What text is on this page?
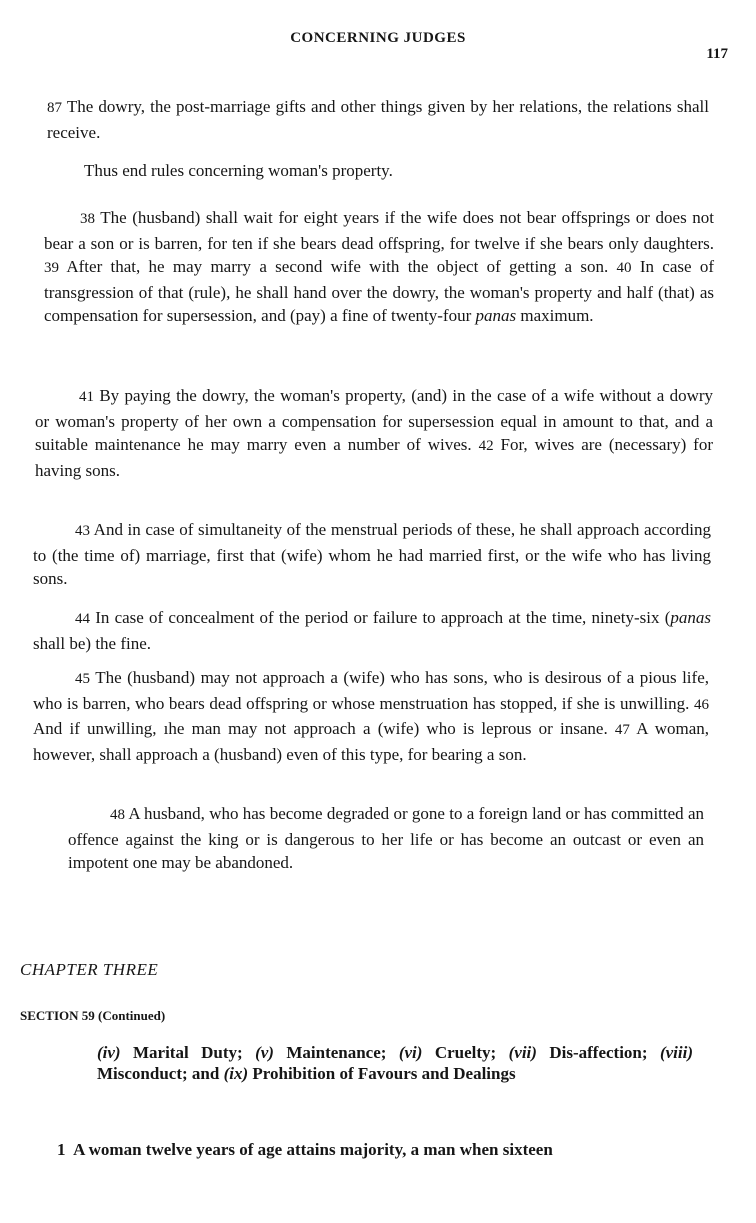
CONCERNING JUDGES
117

87 The dowry, the post-marriage gifts and other things given by her relations, the relations shall receive.

Thus end rules concerning woman's property.

38 The (husband) shall wait for eight years if the wife does not bear offsprings or does not bear a son or is barren, for ten if she bears dead offspring, for twelve if she bears only daughters. 39 After that, he may marry a second wife with the object of getting a son. 40 In case of transgression of that (rule), he shall hand over the dowry, the woman's property and half (that) as compensation for supersession, and (pay) a fine of twenty-four panas maximum.

41 By paying the dowry, the woman's property, (and) in the case of a wife without a dowry or woman's property of her own a compensation for supersession equal in amount to that, and a suitable maintenance he may marry even a number of wives. 42 For, wives are (necessary) for having sons.

43 And in case of simultaneity of the menstrual periods of these, he shall approach according to (the time of) marriage, first that (wife) whom he had married first, or the wife who has living sons.

44 In case of concealment of the period or failure to approach at the time, ninety-six (panas shall be) the fine.

45 The (husband) may not approach a (wife) who has sons, who is desirous of a pious life, who is barren, who bears dead offspring or whose menstruation has stopped, if she is unwilling. 46 And if unwilling, ıhe man may not approach a (wife) who is leprous or insane. 47 A woman, however, shall approach a (husband) even of this type, for bearing a son.

48 A husband, who has become degraded or gone to a foreign land or has committed an offence against the king or is dangerous to her life or has become an outcast or even an impotent one may be abandoned.

CHAPTER THREE

SECTION 59 (Continued)

(iv) Marital Duty; (v) Maintenance; (vi) Cruelty; (vii) Dis-affection; (viii) Misconduct; and (ix) Prohibition of Favours and Dealings

1 A woman twelve years of age attains majority, a man when sixteen
